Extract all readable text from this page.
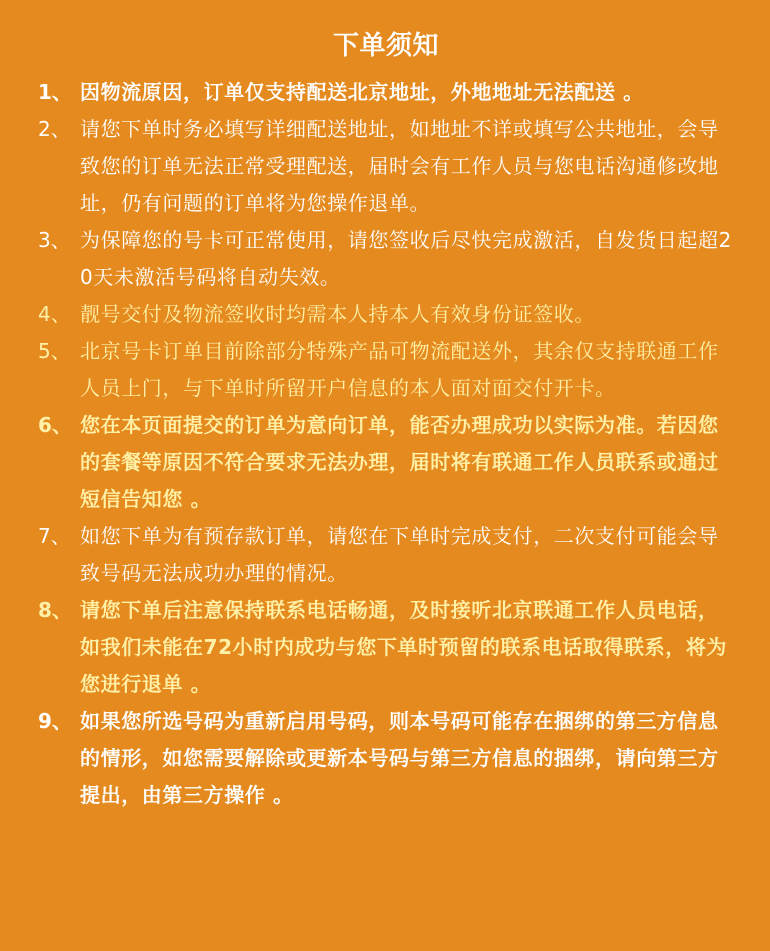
下单须知
1、 因物流原因，订单仅支持配送北京地址，外地地址无法配送 。
2、 请您下单时务必填写详细配送地址，如地址不详或填写公共地址，会导致您的订单无法正常受理配送，届时会有工作人员与您电话沟通修改地址，仍有问题的订单将为您操作退单。
3、 为保障您的号卡可正常使用，请您签收后尽快完成激活，自发货日起超20天未激活号码将自动失效。
4、 靓号交付及物流签收时均需本人持本人有效身份证签收。
5、 北京号卡订单目前除部分特殊产品可物流配送外，其余仅支持联通工作人员上门，与下单时所留开户信息的本人面对面交付开卡。
6、 您在本页面提交的订单为意向订单，能否办理成功以实际为准。若因您的套餐等原因不符合要求无法办理，届时将有联通工作人员联系或通过短信告知您 。
7、 如您下单为有预存款订单，请您在下单时完成支付，二次支付可能会导致号码无法成功办理的情况。
8、 请您下单后注意保持联系电话畅通，及时接听北京联通工作人员电话，如我们未能在72小时内成功与您下单时预留的联系电话取得联系，将为您进行退单 。
9、 如果您所选号码为重新启用号码，则本号码可能存在捆绑的第三方信息的情形，如您需要解除或更新本号码与第三方信息的捆绑，请向第三方提出，由第三方操作 。
